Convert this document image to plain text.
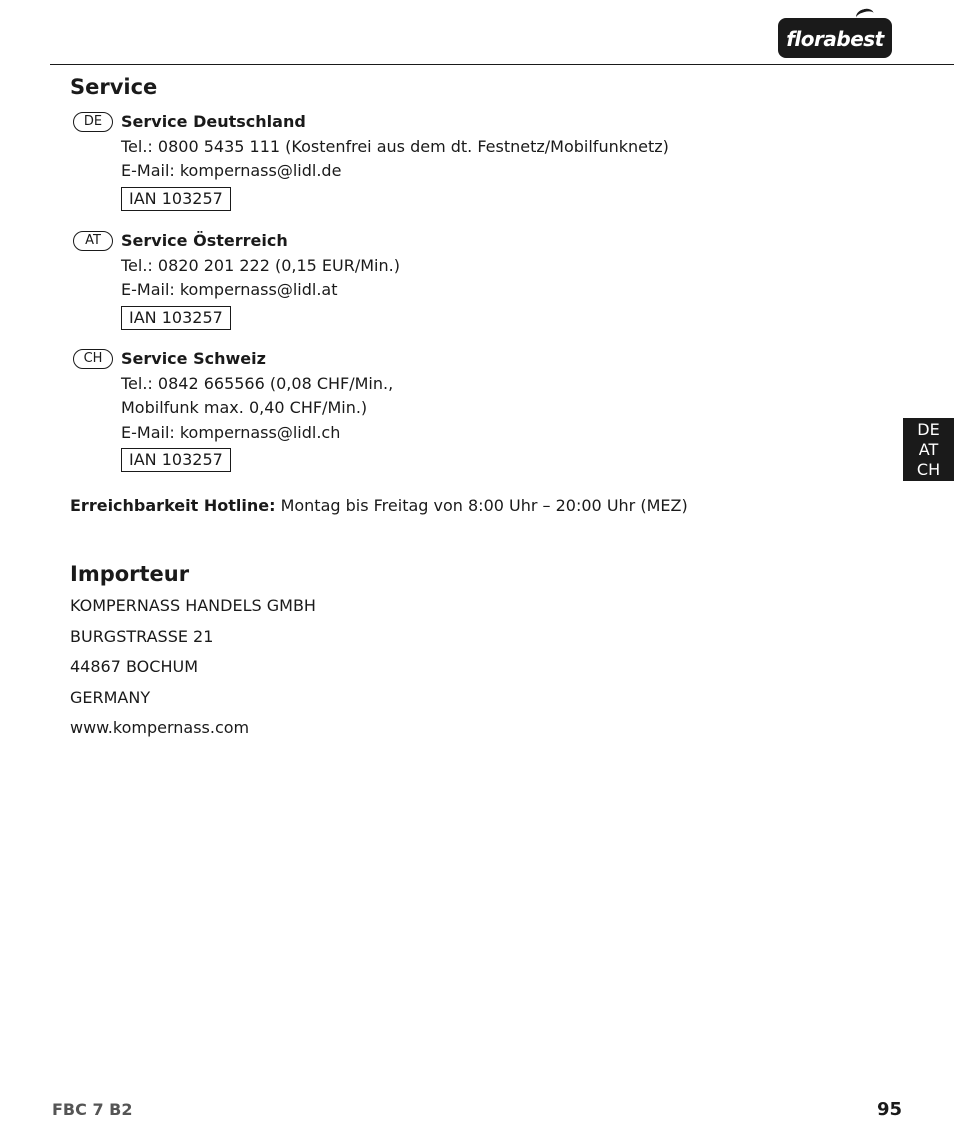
florabest
Service
DE	Service Deutschland
Tel.: 0800 5435 111 (Kostenfrei aus dem dt. Festnetz/Mobilfunknetz)
E-Mail: kompernass@lidl.de
IAN 103257
AT	Service Österreich
Tel.: 0820 201 222 (0,15 EUR/Min.)
E-Mail: kompernass@lidl.at
IAN 103257
CH	Service Schweiz
Tel.: 0842 665566 (0,08 CHF/Min.,
Mobilfunk max. 0,40 CHF/Min.)
E-Mail: kompernass@lidl.ch
IAN 103257
Erreichbarkeit Hotline: Montag bis Freitag von 8:00 Uhr – 20:00 Uhr (MEZ)
Importeur
KOMPERNASS HANDELS GMBH
BURGSTRASSE 21
44867 BOCHUM
GERMANY
www.kompernass.com
DE
AT
CH
FBC 7 B2	95
